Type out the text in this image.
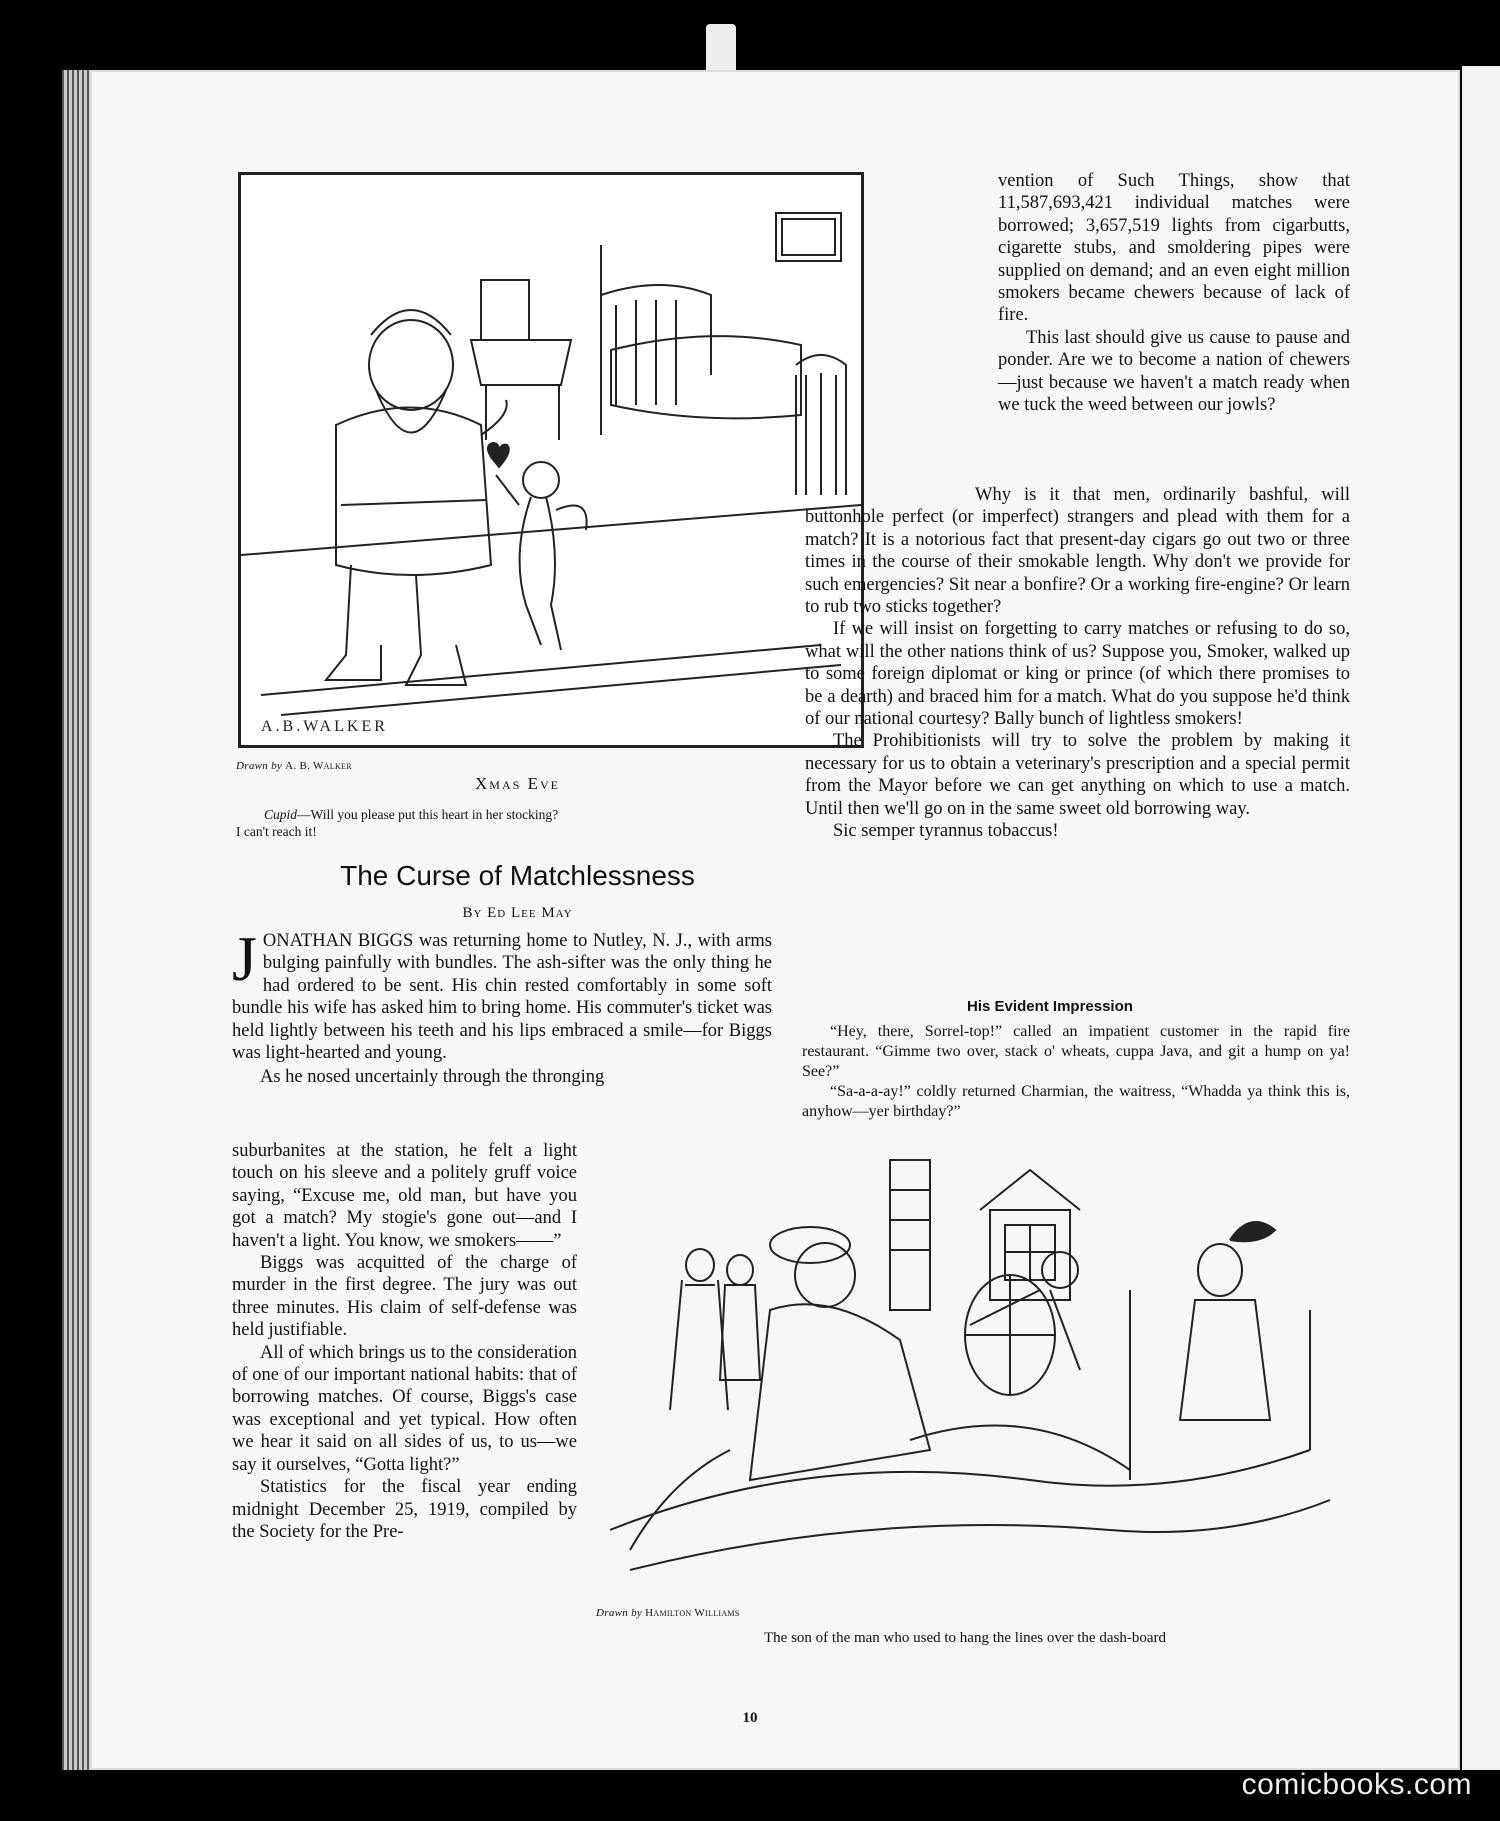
A.B.WALKER
Drawn by A. B. Walker
Xmas Eve
Cupid—Will you please put this heart in her stocking?
I can't reach it!
The Curse of Matchlessness
By Ed Lee May

JONATHAN BIGGS was returning home to Nutley, N. J., with arms bulging painfully with bundles. The ash-sifter was the only thing he had ordered to be sent. His chin rested comfortably in some soft bundle his wife has asked him to bring home. His commuter's ticket was held lightly between his teeth and his lips embraced a smile—for Biggs was light-hearted and young.

As he nosed uncertainly through the thronging

suburbanites at the station, he felt a light touch on his sleeve and a politely gruff voice saying, “Excuse me, old man, but have you got a match? My stogie's gone out—and I haven't a light. You know, we smokers——”

Biggs was acquitted of the charge of murder in the first degree. The jury was out three minutes. His claim of self-defense was held justifiable.

All of which brings us to the consideration of one of our important national habits: that of borrowing matches. Of course, Biggs's case was exceptional and yet typical. How often we hear it said on all sides of us, to us—we say it ourselves, “Gotta light?”

Statistics for the fiscal year ending midnight December 25, 1919, compiled by the Society for the Pre-

vention of Such Things, show that 11,587,693,421 individual matches were borrowed; 3,657,519 lights from cigarbutts, cigarette stubs, and smoldering pipes were supplied on demand; and an even eight million smokers became chewers because of lack of fire.

This last should give us cause to pause and ponder. Are we to become a nation of chewers—just because we haven't a match ready when we tuck the weed between our jowls?

Why is it that men, ordinarily bashful, will buttonhole perfect (or imperfect) strangers and plead with them for a match? It is a notorious fact that present-day cigars go out two or three times in the course of their smokable length. Why don't we provide for such emergencies? Sit near a bonfire? Or a working fire-engine? Or learn to rub two sticks together?

If we will insist on forgetting to carry matches or refusing to do so, what will the other nations think of us? Suppose you, Smoker, walked up to some foreign diplomat or king or prince (of which there promises to be a dearth) and braced him for a match. What do you suppose he'd think of our national courtesy? Bally bunch of lightless smokers!

The Prohibitionists will try to solve the problem by making it necessary for us to obtain a veterinary's prescription and a special permit from the Mayor before we can get anything on which to use a match. Until then we'll go on in the same sweet old borrowing way.

Sic semper tyrannus tobaccus!

His Evident Impression

“Hey, there, Sorrel-top!” called an impatient customer in the rapid fire restaurant. “Gimme two over, stack o' wheats, cuppa Java, and git a hump on ya! See?”

“Sa-a-a-ay!” coldly returned Charmian, the waitress, “Whadda ya think this is, anyhow—yer birthday?”

Drawn by Hamilton Williams
The son of the man who used to hang the lines over the dash-board
10
comicbooks.com
